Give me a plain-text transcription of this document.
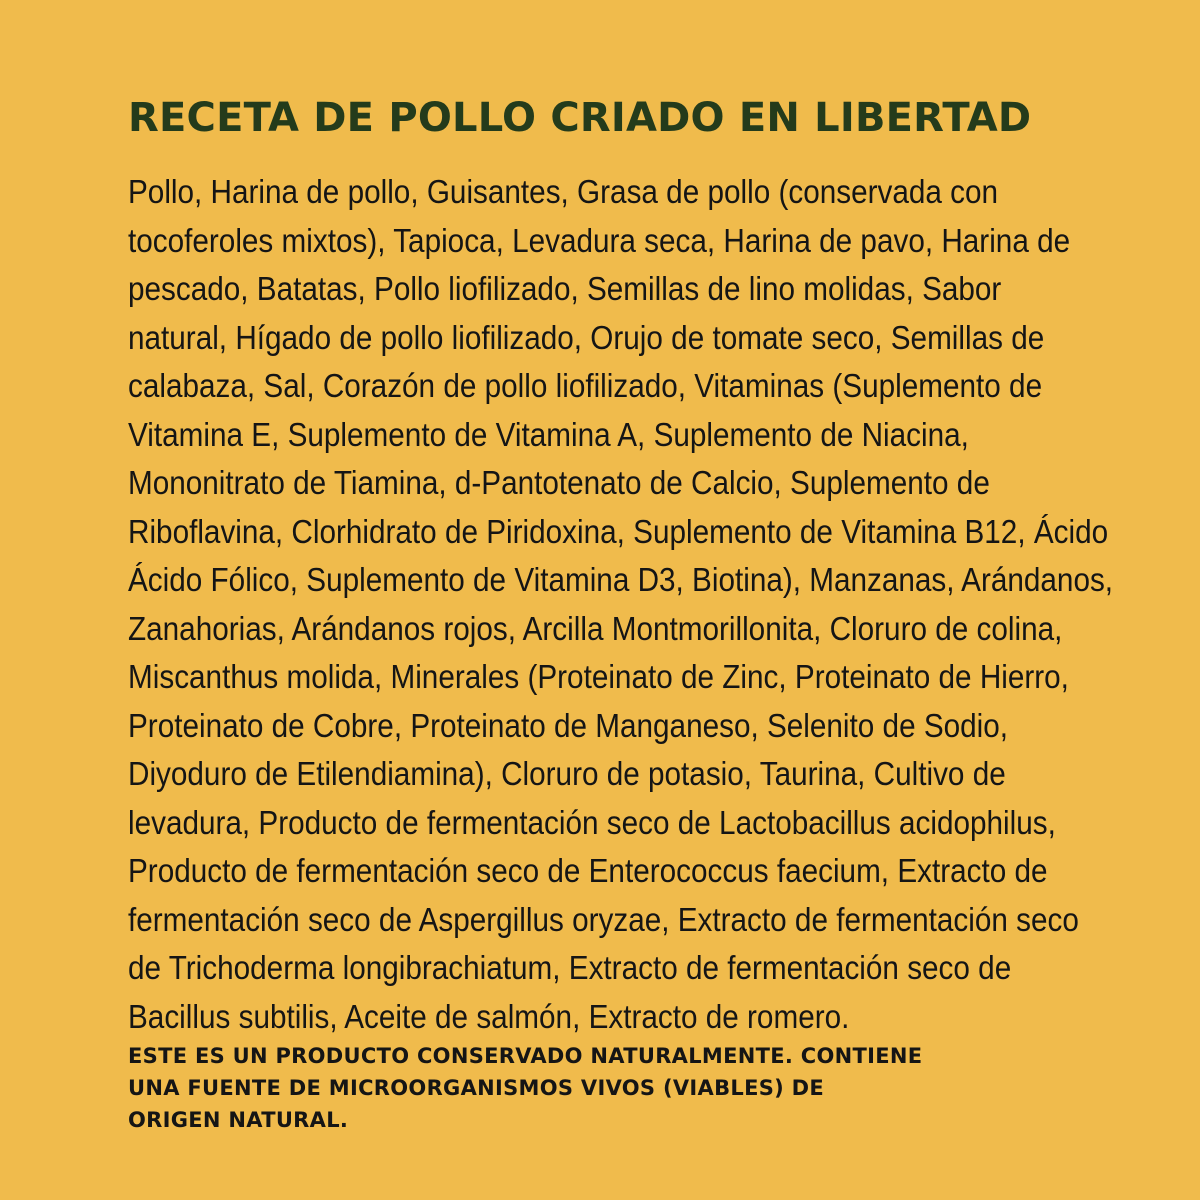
RECETA DE POLLO CRIADO EN LIBERTAD
Pollo, Harina de pollo, Guisantes, Grasa de pollo (conservada con
tocoferoles mixtos), Tapioca, Levadura seca, Harina de pavo, Harina de
pescado, Batatas, Pollo liofilizado, Semillas de lino molidas, Sabor
natural, Hígado de pollo liofilizado, Orujo de tomate seco, Semillas de
calabaza, Sal, Corazón de pollo liofilizado, Vitaminas (Suplemento de
Vitamina E, Suplemento de Vitamina A, Suplemento de Niacina,
Mononitrato de Tiamina, d-Pantotenato de Calcio, Suplemento de
Riboflavina, Clorhidrato de Piridoxina, Suplemento de Vitamina B12, Ácido
Ácido Fólico, Suplemento de Vitamina D3, Biotina), Manzanas, Arándanos,
Zanahorias, Arándanos rojos, Arcilla Montmorillonita, Cloruro de colina,
Miscanthus molida, Minerales (Proteinato de Zinc, Proteinato de Hierro,
Proteinato de Cobre, Proteinato de Manganeso, Selenito de Sodio,
Diyoduro de Etilendiamina), Cloruro de potasio, Taurina, Cultivo de
levadura, Producto de fermentación seco de Lactobacillus acidophilus,
Producto de fermentación seco de Enterococcus faecium, Extracto de
fermentación seco de Aspergillus oryzae, Extracto de fermentación seco
de Trichoderma longibrachiatum, Extracto de fermentación seco de
Bacillus subtilis, Aceite de salmón, Extracto de romero.
ESTE ES UN PRODUCTO CONSERVADO NATURALMENTE. CONTIENE
UNA FUENTE DE MICROORGANISMOS VIVOS (VIABLES) DE
ORIGEN NATURAL.
